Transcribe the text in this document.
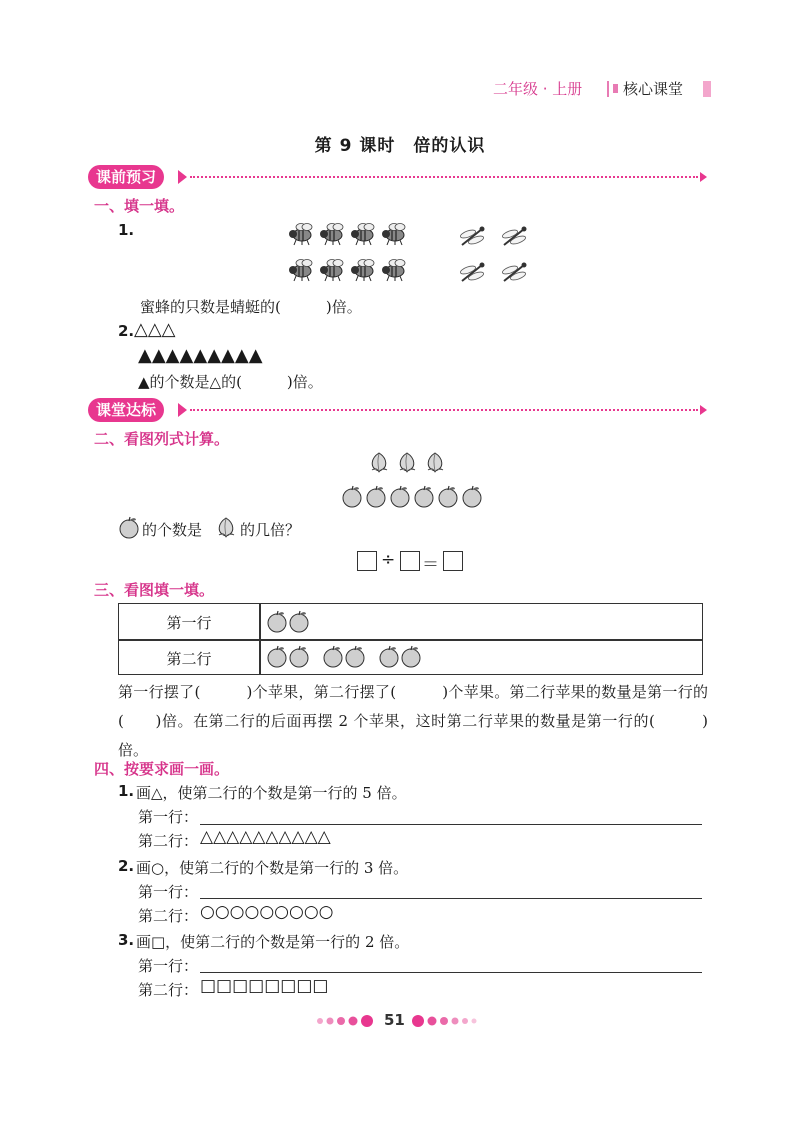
二年级 · 上册	核心课堂
第 9 课时　倍的认识
课前预习
一、填一填。
1.
蜜蜂的只数是蜻蜓的(　　　)倍。
2. △△△
▲▲▲▲▲▲▲▲▲
▲的个数是△的(　　　)倍。
课堂达标
二、看图列式计算。
的个数是	的几倍？
÷ ＝
三、看图填一填。
第一行
第二行
第一行摆了(　　　)个苹果，第二行摆了(　　　)个苹果。第二行苹果的数量是第一行的(　　)倍。在第二行的后面再摆 2 个苹果，这时第二行苹果的数量是第一行的(　　　)倍。
四、按要求画一画。
1. 画△，使第二行的个数是第一行的 5 倍。
第一行：
第二行： △△△△△△△△△△
2. 画○，使第二行的个数是第一行的 3 倍。
第一行：
第二行： ○○○○○○○○○
3. 画□，使第二行的个数是第一行的 2 倍。
第一行：
第二行： □□□□□□□□
51
